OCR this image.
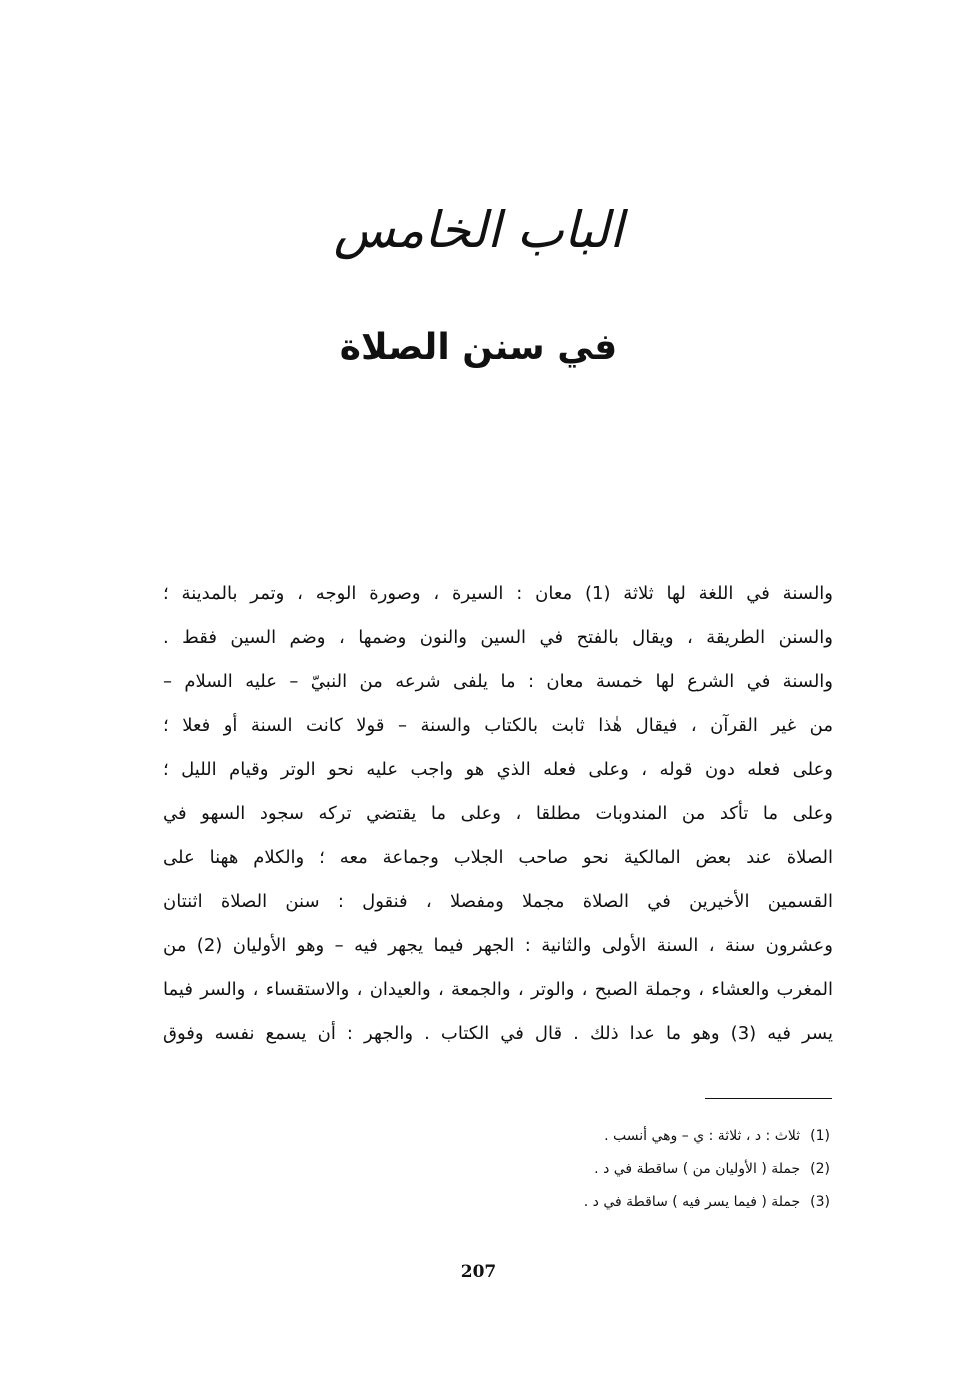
الباب الخامس
في سنن الصلاة
والسنة في اللغة لها ثلاثة (1) معان : السيرة ، وصورة الوجه ، وتمر بالمدينة ؛
والسنن الطريقة ، ويقال بالفتح في السين والنون وضمها ، وضم السين فقط .
والسنة في الشرع لها خمسة معان : ما يلفى شرعه من النبيّ – عليه السلام –
من غير القرآن ، فيقال هٰذا ثابت بالكتاب والسنة – قولا كانت السنة أو فعلا ؛
وعلى فعله دون قوله ، وعلى فعله الذي هو واجب عليه نحو الوتر وقيام الليل ؛
وعلى ما تأكد من المندوبات مطلقا ، وعلى ما يقتضي تركه سجود السهو في
الصلاة عند بعض المالكية نحو صاحب الجلاب وجماعة معه ؛ والكلام ههنا على
القسمين الأخيرين في الصلاة مجملا ومفصلا ، فنقول : سنن الصلاة اثنتان
وعشرون سنة ، السنة الأولى والثانية : الجهر فيما يجهر فيه – وهو الأوليان (2) من
المغرب والعشاء ، وجملة الصبح ، والوتر ، والجمعة ، والعيدان ، والاستقساء ، والسر فيما
يسر فيه (3) وهو ما عدا ذلك . قال في الكتاب . والجهر : أن يسمع نفسه وفوق
(1)ثلاث : د ، ثلاثة : ي – وهي أنسب .
(2)جملة ( الأوليان من ) ساقطة في د .
(3)جملة ( فيما يسر فيه ) ساقطة في د .
207
